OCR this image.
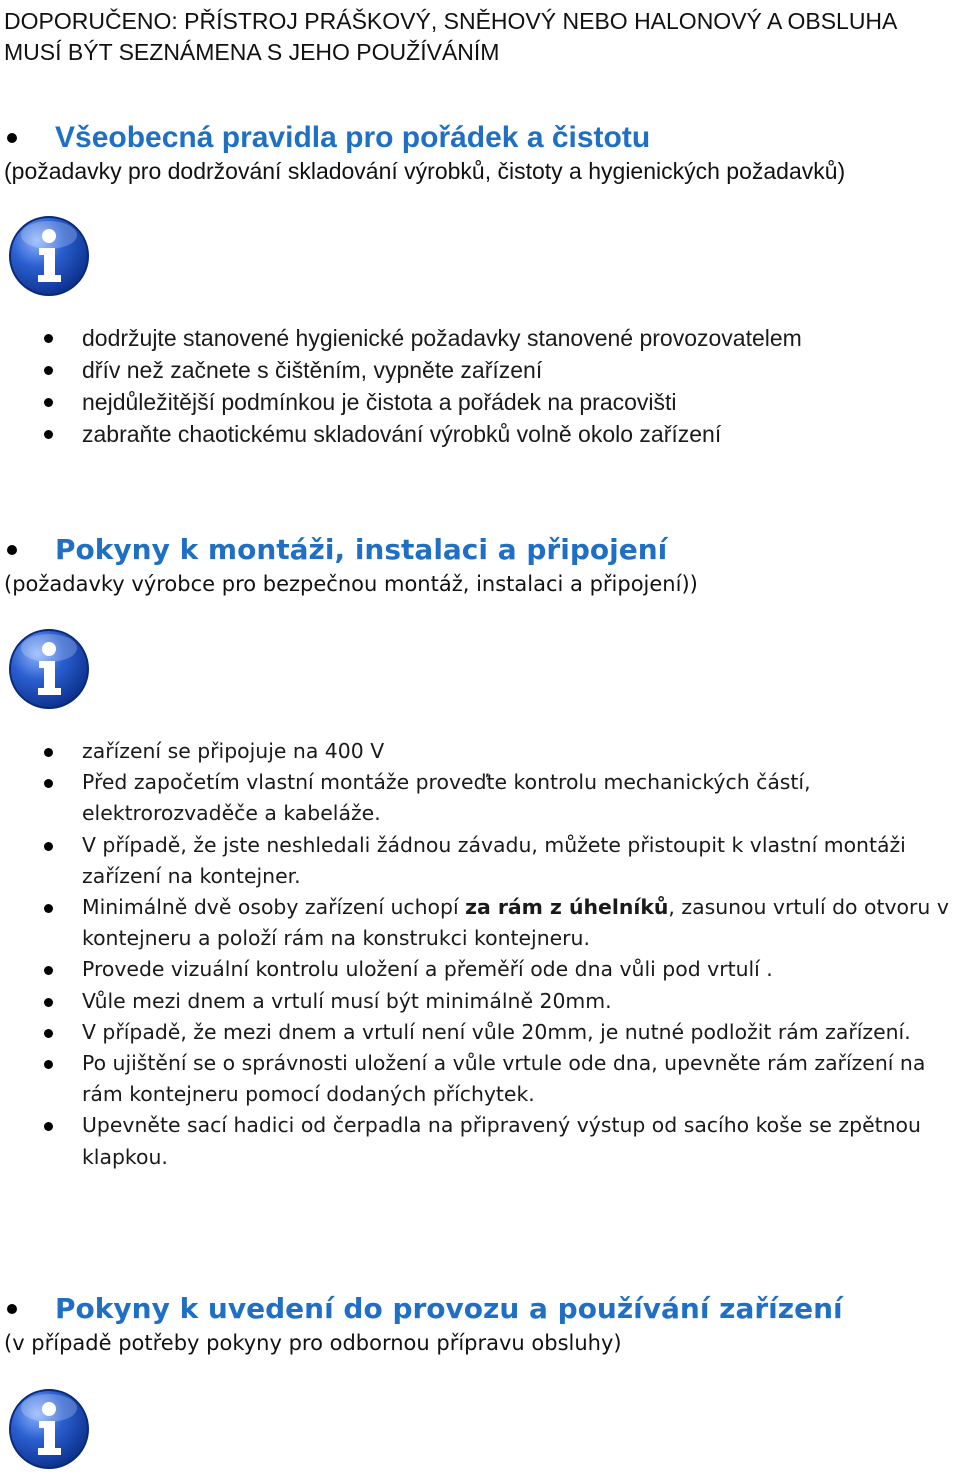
DOPORUČENO: PŘÍSTROJ PRÁŠKOVÝ, SNĚHOVÝ NEBO HALONOVÝ A OBSLUHA MUSÍ BÝT SEZNÁMENA S JEHO POUŽÍVÁNÍM
Všeobecná pravidla pro pořádek a čistotu
(požadavky pro dodržování skladování výrobků, čistoty a hygienických požadavků)
dodržujte stanovené hygienické požadavky stanovené provozovatelem
dřív než začnete s čištěním, vypněte zařízení
nejdůležitější podmínkou je čistota a pořádek na pracovišti
zabraňte chaotickému skladování výrobků volně okolo zařízení
Pokyny k montáži, instalaci a připojení
(požadavky výrobce pro bezpečnou montáž, instalaci a připojení))
zařízení se připojuje na 400 V
Před započetím vlastní montáže proveďte kontrolu mechanických částí, elektrorozvaděče a kabeláže.
V případě, že jste neshledali žádnou závadu, můžete přistoupit k vlastní montáži zařízení na kontejner.
Minimálně dvě osoby zařízení uchopí za rám z úhelníků, zasunou vrtulí do otvoru v kontejneru a položí rám na konstrukci kontejneru.
Provede vizuální kontrolu uložení a přeměří ode dna vůli pod vrtulí .
Vůle mezi dnem a vrtulí musí být minimálně 20mm.
V případě, že mezi dnem a vrtulí není vůle 20mm, je nutné podložit rám zařízení.
Po ujištění se o správnosti uložení a vůle vrtule ode dna, upevněte rám zařízení na rám kontejneru pomocí dodaných příchytek.
Upevněte sací hadici od čerpadla na připravený výstup od sacího koše se zpětnou klapkou.
Pokyny k uvedení do provozu a používání zařízení
(v případě potřeby pokyny pro odbornou přípravu obsluhy)
